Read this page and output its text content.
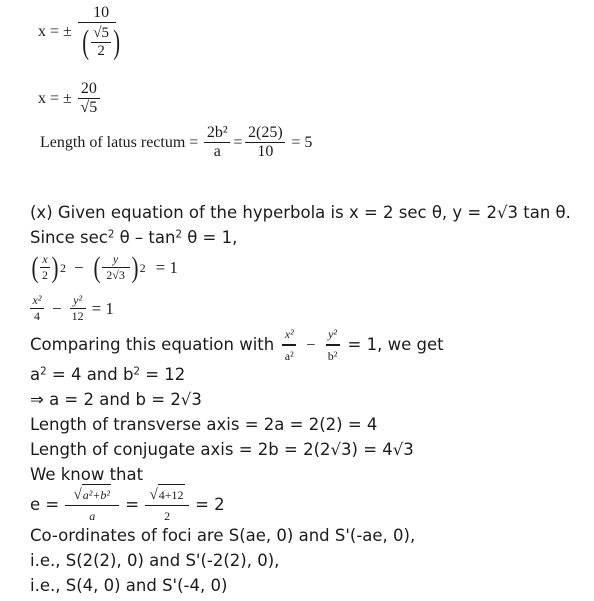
x = ± $\frac{10}{( \frac{√5}{2} )}$
x = ± $\frac{20}{√5}$
Length of latus rectum = $\frac{\text{2b²}}{a} = \frac{2(25)}{10} = 5$
(x) Given equation of the hyperbola is x = 2 sec θ, y = 2√3 tan θ.
Since $\sec^2 \theta - \tan^2 \theta = 1$,
( $\frac{x}{2}$ ) 2 − ( $\frac{y}{2√3}$ ) 2 = 1
$\frac{\text{x²}}{4} - \frac{\text{y²}}{12} = 1$
Comparing this equation with $\frac{\text{x²}}{\text{a²}} - \frac{\text{y²}}{\text{b²}} = 1$, we get
$a^2 = 4$ and $b^2 = 12$
⇒ a = 2 and b = 2√3
Length of transverse axis = 2a = 2(2) = 4
Length of conjugate axis = 2b = 2(2√3) = 4√3
We know that
$e = \frac{\text{√ a²+b²}}{a} = \frac{√ 4+12}{2} = 2$
Co-ordinates of foci are S(ae, 0) and S'(-ae, 0),
i.e., S(2(2), 0) and S'(-2(2), 0),
i.e., S(4, 0) and S'(-4, 0)
